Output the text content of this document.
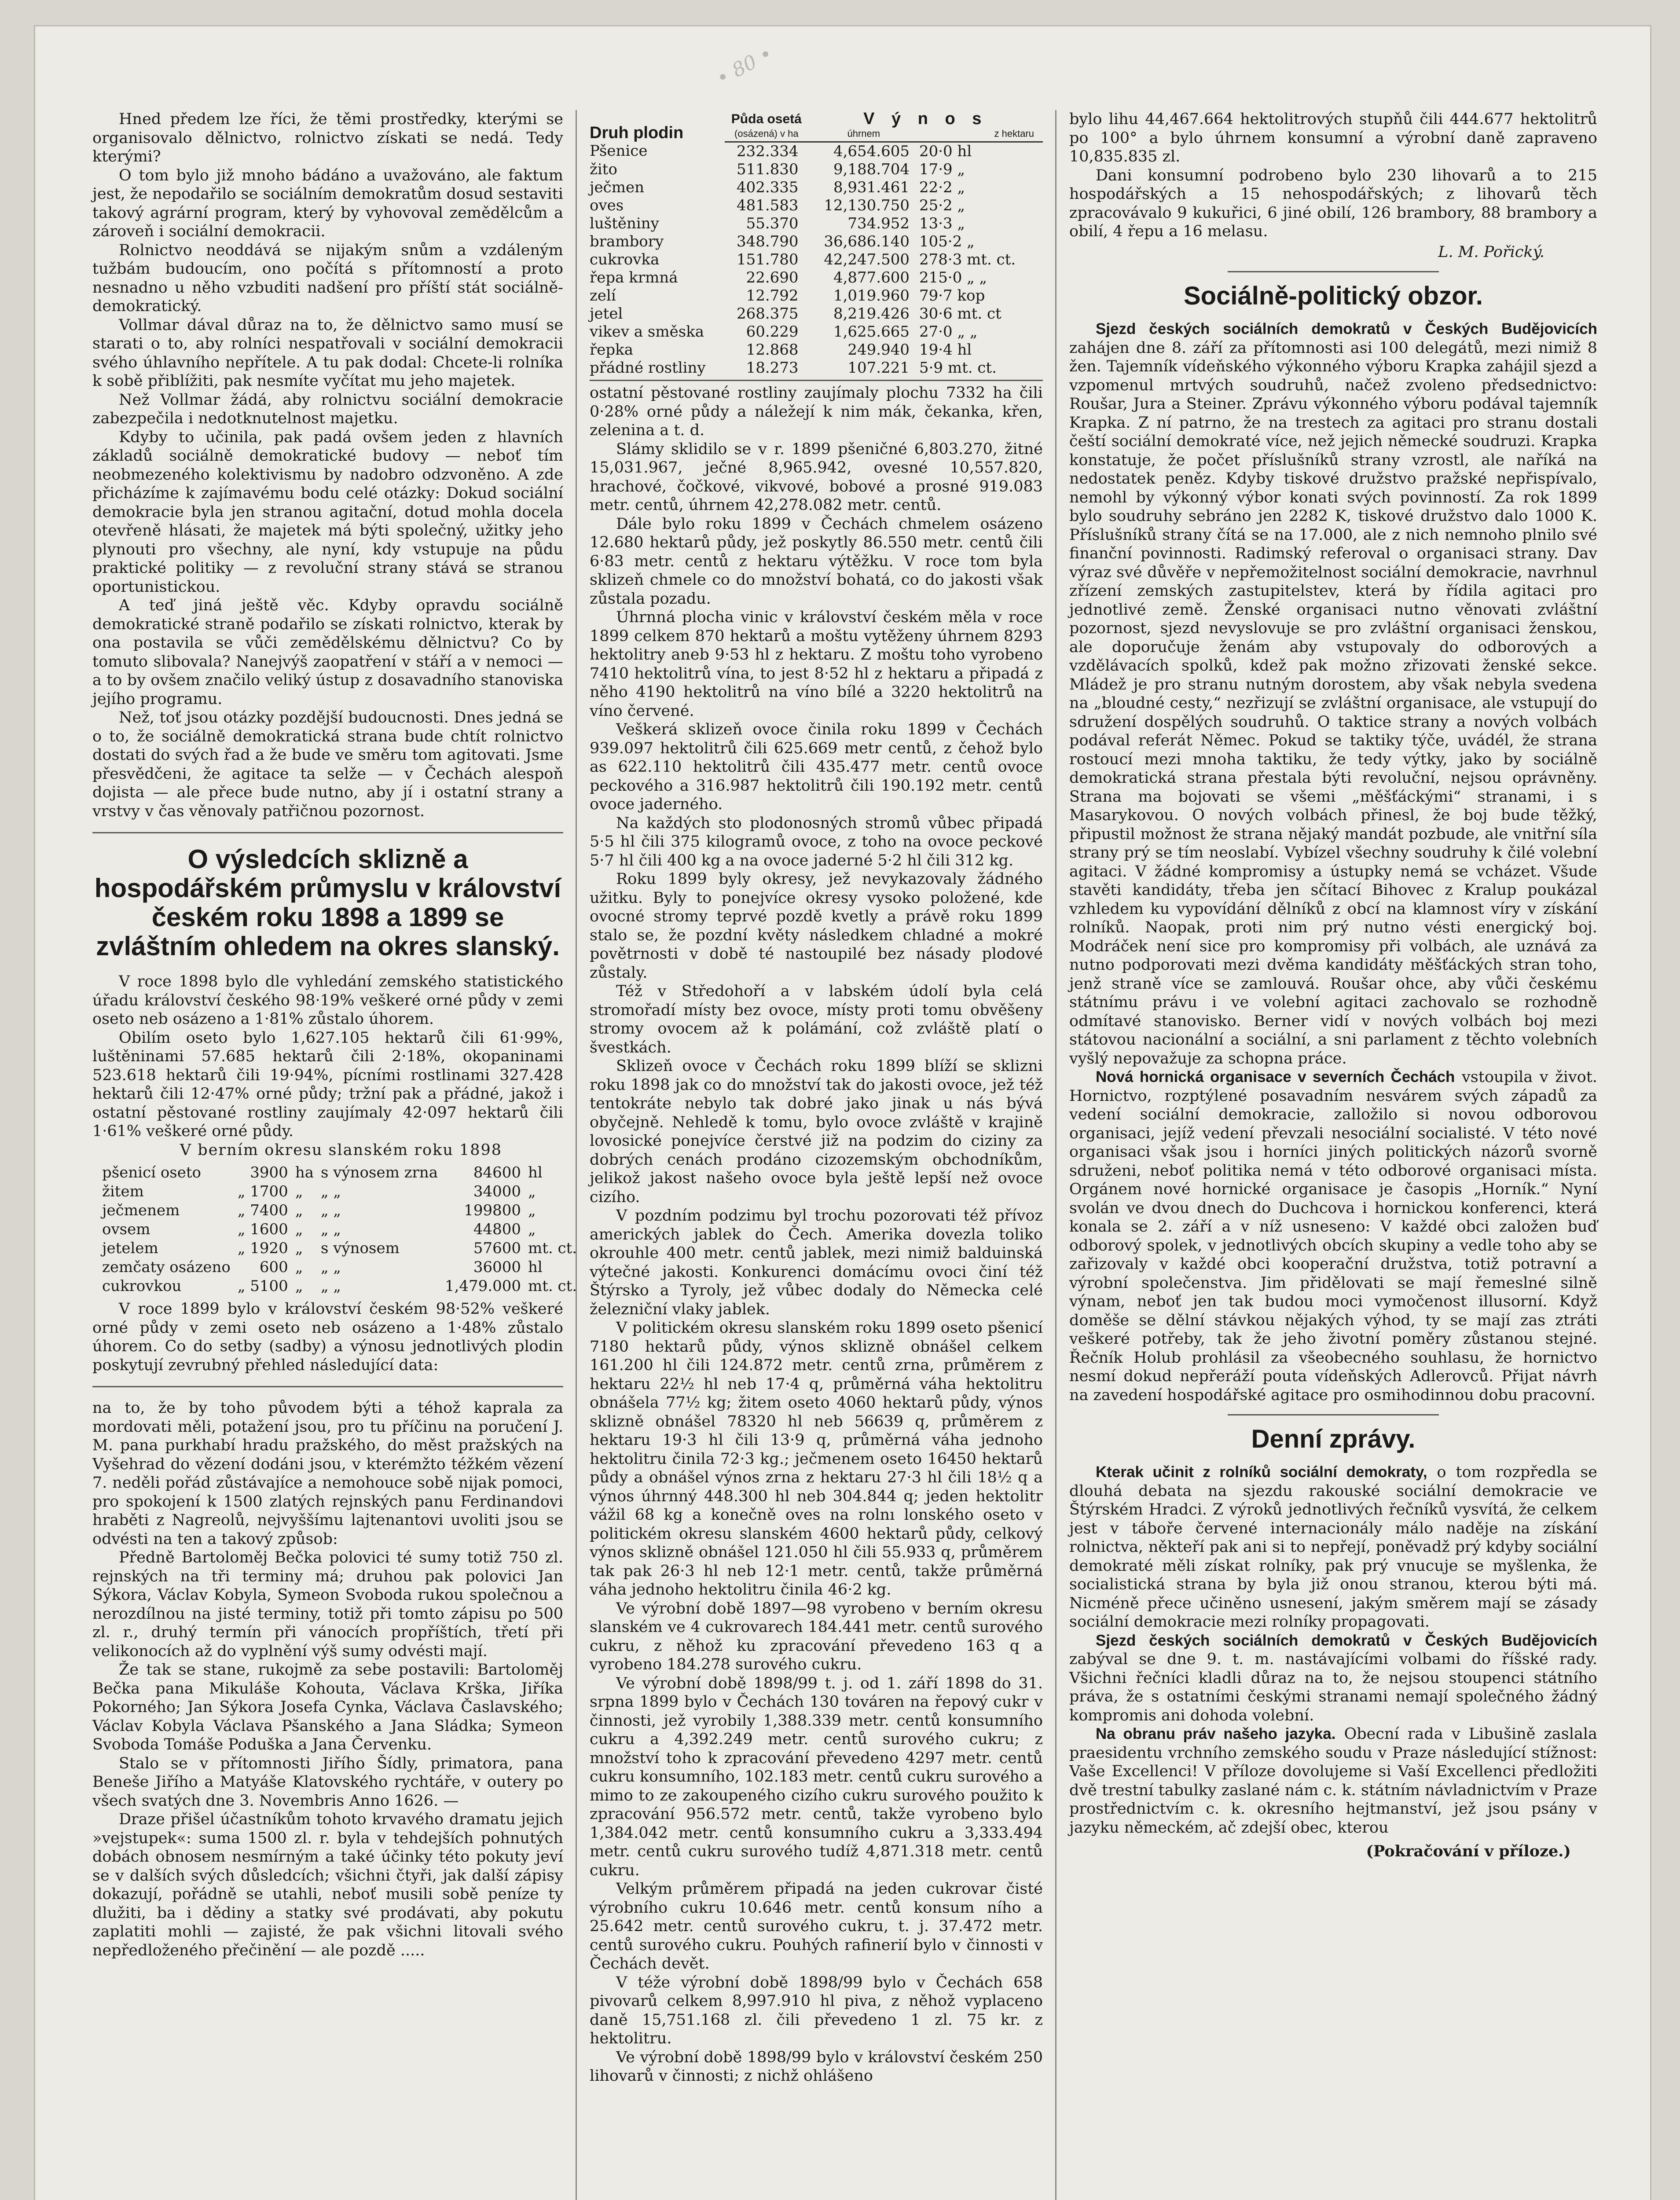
• 80 •

Hned předem lze říci, že těmi prostředky, kterými se organisovalo dělnictvo, rolnictvo získati se nedá. Tedy kterými?

O tom bylo již mnoho bádáno a uvažováno, ale faktum jest, že nepodařilo se sociálním demokratům dosud sestaviti takový agrární program, který by vyhovoval zemědělcům a zároveň i sociální demokracii.

Rolnictvo neoddává se nijakým snům a vzdáleným tužbám budoucím, ono počítá s přítomností a proto nesnadno u něho vzbuditi nadšení pro příští stát sociálně-demokratický.

Vollmar dával důraz na to, že dělnictvo samo musí se starati o to, aby rolníci nespatřovali v sociální demokracii svého úhlavního nepřítele. A tu pak dodal: Chcete-li rolníka k sobě přiblížiti, pak nesmíte vyčítat mu jeho majetek.

Než Vollmar žádá, aby rolnictvu sociální demokracie zabezpečila i nedotknutelnost majetku.

Kdyby to učinila, pak padá ovšem jeden z hlavních základů sociálně demokratické budovy — neboť tím neobmezeného kolektivismu by nadobro odzvoněno. A zde přicházíme k zajímavému bodu celé otázky: Dokud sociální demokracie byla jen stranou agitační, dotud mohla docela otevřeně hlásati, že majetek má býti společný, užitky jeho plynouti pro všechny, ale nyní, kdy vstupuje na půdu praktické politiky — z revoluční strany stává se stranou oportunistickou.

A teď jiná ještě věc. Kdyby opravdu sociálně demokratické straně podařilo se získati rolnictvo, kterak by ona postavila se vůči zemědělskému dělnictvu? Co by tomuto slibovala? Nanejvýš zaopatření v stáří a v nemoci — a to by ovšem značilo veliký ústup z dosavadního stanoviska jejího programu.

Než, toť jsou otázky pozdější budoucnosti. Dnes jedná se o to, že sociálně demokratická strana bude chtít rolnictvo dostati do svých řad a že bude ve směru tom agitovati. Jsme přesvědčeni, že agitace ta selže — v Čechách alespoň dojista — ale přece bude nutno, aby jí i ostatní strany a vrstvy v čas věnovaly patřičnou pozornost.

O výsledcích sklizně a hospodářském průmyslu v království českém roku 1898 a 1899 se zvláštním ohledem na okres slanský.

V roce 1898 bylo dle vyhledání zemského statistického úřadu království českého 98·19% veškeré orné půdy v zemi oseto neb osázeno a 1·81% zůstalo úhorem.

Obilím oseto bylo 1,627.105 hektarů čili 61·99%, luštěninami 57.685 hektarů čili 2·18%, okopaninami 523.618 hektarů čili 19·94%, pícními rostlinami 327.428 hektarů čili 12·47% orné půdy; tržní pak a přádné, jakož i ostatní pěstované rostliny zaujímaly 42·097 hektarů čili 1·61% veškeré orné půdy.

V berním okresu slanském roku 1898

pšenicí oseto	3900	ha	s výnosem zrna	84600	hl
žitem	„ 1700	„	„ „	34000	„
ječmenem	„ 7400	„	„ „	199800	„
ovsem	„ 1600	„	„ „	44800	„
jetelem	„ 1920	„	s výnosem	57600	mt. ct.
zemčaty osázeno	600	„	„ „	36000	hl
cukrovkou	„ 5100	„	„ „	1,479.000	mt. ct.

V roce 1899 bylo v království českém 98·52% veškeré orné půdy v zemi oseto neb osázeno a 1·48% zůstalo úhorem. Co do setby (sadby) a výnosu jednotlivých plodin poskytují zevrubný přehled následující data:

na to, že by toho původem býti a téhož kaprala za mordovati měli, potažení jsou, pro tu příčinu na poručení J. M. pana purkhabí hradu pražského, do měst pražských na Vyšehrad do vězení dodáni jsou, v kterémžto téžkém vězení 7. neděli pořád zůstávajíce a nemohouce sobě nijak pomoci, pro spokojení k 1500 zlatých rejnských panu Ferdinandovi hraběti z Nagreolů, nejvyššímu lajtenantovi uvoliti jsou se odvésti na ten a takový způsob:

Předně Bartoloměj Bečka polovici té sumy totiž 750 zl. rejnských na tři terminy má; druhou pak polovici Jan Sýkora, Václav Kobyla, Symeon Svoboda rukou společnou a nerozdílnou na jisté terminy, totiž při tomto zápisu po 500 zl. r., druhý termín při vánocích propříštích, třetí při velikonocích až do vyplnění výš sumy odvésti mají.

Že tak se stane, rukojmě za sebe postavili: Bartoloměj Bečka pana Mikuláše Kohouta, Václava Krška, Jiříka Pokorného; Jan Sýkora Josefa Cynka, Václava Časlavského; Václav Kobyla Václava Pšanského a Jana Sládka; Symeon Svoboda Tomáše Poduška a Jana Červenku.

Stalo se v přítomnosti Jiřího Šídly, primatora, pana Beneše Jiřího a Matyáše Klatovského rychtáře, v outery po všech svatých dne 3. Novembris Anno 1626. —

Draze přišel účastníkům tohoto krvavého dramatu jejich »vejstupek«: suma 1500 zl. r. byla v tehdejších pohnutých dobách obnosem nesmírným a také účinky této pokuty jeví se v dalších svých důsledcích; všichni čtyři, jak další zápisy dokazují, pořádně se utahli, neboť musili sobě peníze ty dlužiti, ba i dědiny a statky své prodávati, aby pokutu zaplatiti mohli — zajisté, že pak všichni litovali svého nepředloženého přečinění — ale pozdě .....

Druh plodin	Půda osetá	V ý n o s	
	(osázená) v ha	úhrnem	z hektaru
Pšenice	232.334	4,654.605	20·0 hl
žito	511.830	9,188.704	17·9 „
ječmen	402.335	8,931.461	22·2 „
oves	481.583	12,130.750	25·2 „
luštěniny	55.370	734.952	13·3 „
brambory	348.790	36,686.140	105·2 „
cukrovka	151.780	42,247.500	278·3 mt. ct.
řepa krmná	22.690	4,877.600	215·0 „ „
zelí	12.792	1,019.960	79·7 kop
jetel	268.375	8,219.426	30·6 mt. ct
vikev a směska	60.229	1,625.665	27·0 „ „
řepka	12.868	249.940	19·4 hl
přádné rostliny	18.273	107.221	5·9 mt. ct.

ostatní pěstované rostliny zaujímaly plochu 7332 ha čili 0·28% orné půdy a náležejí k nim mák, čekanka, křen, zelenina a t. d.

Slámy sklidilo se v r. 1899 pšeničné 6,803.270, žitné 15,031.967, ječné 8,965.942, ovesné 10,557.820, hrachové, čočkové, vikvové, bobové a prosné 919.083 metr. centů, úhrnem 42,278.082 metr. centů.

Dále bylo roku 1899 v Čechách chmelem osázeno 12.680 hektarů půdy, jež poskytly 86.550 metr. centů čili 6·83 metr. centů z hektaru výtěžku. V roce tom byla sklizeň chmele co do množství bohatá, co do jakosti však zůstala pozadu.

Úhrnná plocha vinic v království českém měla v roce 1899 celkem 870 hektarů a moštu vytěženy úhrnem 8293 hektolitry aneb 9·53 hl z hektaru. Z moštu toho vyrobeno 7410 hektolitrů vína, to jest 8·52 hl z hektaru a připadá z něho 4190 hektolitrů na víno bílé a 3220 hektolitrů na víno červené.

Veškerá sklizeň ovoce činila roku 1899 v Čechách 939.097 hektolitrů čili 625.669 metr centů, z čehož bylo as 622.110 hektolitrů čili 435.477 metr. centů ovoce peckového a 316.987 hektolitrů čili 190.192 metr. centů ovoce jaderného.

Na každých sto plodonosných stromů vůbec připadá 5·5 hl čili 375 kilogramů ovoce, z toho na ovoce peckové 5·7 hl čili 400 kg a na ovoce jaderné 5·2 hl čili 312 kg.

Roku 1899 byly okresy, jež nevykazovaly žádného užitku. Byly to ponejvíce okresy vysoko položené, kde ovocné stromy teprvé pozdě kvetly a právě roku 1899 stalo se, že pozdní květy následkem chladné a mokré povětrnosti v době té nastoupilé bez násady plodové zůstaly.

Též v Středohoří a v labském údolí byla celá stromořadí místy bez ovoce, místy proti tomu obvěšeny stromy ovocem až k polámání, což zvláště platí o švestkách.

Sklizeň ovoce v Čechách roku 1899 blíží se sklizni roku 1898 jak co do množství tak do jakosti ovoce, jež též tentokráte nebylo tak dobré jako jinak u nás bývá obyčejně. Nehledě k tomu, bylo ovoce zvláště v krajině lovosické ponejvíce čerstvé již na podzim do ciziny za dobrých cenách prodáno cizozemským obchodníkům, jelikož jakost našeho ovoce byla ještě lepší než ovoce cizího.

V pozdním podzimu byl trochu pozorovati též přívoz amerických jablek do Čech. Amerika dovezla toliko okrouhle 400 metr. centů jablek, mezi nimiž balduinská výtečné jakosti. Konkurenci domácímu ovoci činí též Štýrsko a Tyroly, jež vůbec dodaly do Německa celé železniční vlaky jablek.

V politickém okresu slanském roku 1899 oseto pšenicí 7180 hektarů půdy, výnos sklizně obnášel celkem 161.200 hl čili 124.872 metr. centů zrna, průměrem z hektaru 22½ hl neb 17·4 q, průměrná váha hektolitru obnášela 77½ kg; žitem oseto 4060 hektarů půdy, výnos sklizně obnášel 78320 hl neb 56639 q, průměrem z hektaru 19·3 hl čili 13·9 q, průměrná váha jednoho hektolitru činila 72·3 kg.; ječmenem oseto 16450 hektarů půdy a obnášel výnos zrna z hektaru 27·3 hl čili 18½ q a výnos úhrnný 448.300 hl neb 304.844 q; jeden hektolitr vážil 68 kg a konečně oves na rolnı lonského oseto v politickém okresu slanském 4600 hektarů půdy, celkový výnos sklizně obnášel 121.050 hl čili 55.933 q, průměrem tak pak 26·3 hl neb 12·1 metr. centů, takže průměrná váha jednoho hektolitru činila 46·2 kg.

Ve výrobní době 1897—98 vyrobeno v berním okresu slanském ve 4 cukrovarech 184.441 metr. centů surového cukru, z něhož ku zpracování převedeno 163 q a vyrobeno 184.278 surového cukru.

Ve výrobní době 1898/99 t. j. od 1. září 1898 do 31. srpna 1899 bylo v Čechách 130 továren na řepový cukr v činnosti, jež vyrobily 1,388.339 metr. centů konsumního cukru a 4,392.249 metr. centů surového cukru; z množství toho k zpracování převedeno 4297 metr. centů cukru konsumního, 102.183 metr. centů cukru surového a mimo to ze zakoupeného cizího cukru surového použito k zpracování 956.572 metr. centů, takže vyrobeno bylo 1,384.042 metr. centů konsumního cukru a 3,333.494 metr. centů cukru surového tudíž 4,871.318 metr. centů cukru.

Velkým průměrem připadá na jeden cukrovar čisté výrobního cukru 10.646 metr. centů konsum ního a 25.642 metr. centů surového cukru, t. j. 37.472 metr. centů surového cukru. Pouhých rafinerií bylo v činnosti v Čechách devět.

V téže výrobní době 1898/99 bylo v Čechách 658 pivovarů celkem 8,997.910 hl piva, z něhož vyplaceno daně 15,751.168 zl. čili převedeno 1 zl. 75 kr. z hektolitru.

Ve výrobní době 1898/99 bylo v království českém 250 lihovarů v činnosti; z nichž ohlášeno

bylo lihu 44,467.664 hektolitrových stupňů čili 444.677 hektolitrů po 100° a bylo úhrnem konsumní a výrobní daně zapraveno 10,835.835 zl.

Dani konsumní podrobeno bylo 230 lihovarů a to 215 hospodářských a 15 nehospodářských; z lihovarů těch zpracovávalo 9 kukuřici, 6 jiné obilí, 126 brambory, 88 brambory a obilí, 4 řepu a 16 melasu.

L. M. Pořický.
Sociálně-politický obzor.

Sjezd českých sociálních demokratů v Českých Budějovicích zahájen dne 8. září za přítomnosti asi 100 delegátů, mezi nimiž 8 žen. Tajemník vídeňského výkonného výboru Krapka zahájil sjezd a vzpomenul mrtvých soudruhů, načež zvoleno předsednictvo: Roušar, Jura a Steiner. Zprávu výkonného výboru podával tajemník Krapka. Z ní patrno, že na trestech za agitaci pro stranu dostali čeští sociální demokraté více, než jejich německé soudruzi. Krapka konstatuje, že počet příslušníků strany vzrostl, ale naříká na nedostatek peněz. Kdyby tiskové družstvo pražské nepřispívalo, nemohl by výkonný výbor konati svých povinností. Za rok 1899 bylo soudruhy sebráno jen 2282 K, tiskové družstvo dalo 1000 K. Příslušníků strany čítá se na 17.000, ale z nich nemnoho plnilo své finanční povinnosti. Radimský referoval o organisaci strany. Dav výraz své důvěře v nepřemožitelnost sociální demokracie, navrhnul zřízení zemských zastupitelstev, která by řídila agitaci pro jednotlivé země. Ženské organisaci nutno věnovati zvláštní pozornost, sjezd nevyslovuje se pro zvláštní organisaci ženskou, ale doporučuje ženám aby vstupovaly do odborových a vzdělávacích spolků, kdež pak možno zřizovati ženské sekce. Mládež je pro stranu nutným dorostem, aby však nebyla svedena na „bloudné cesty,“ nezřizují se zvláštní organisace, ale vstupují do sdružení dospělých soudruhů. O taktice strany a nových volbách podával referát Němec. Pokud se taktiky týče, uvádél, že strana rostoucí mezi mnoha taktiku, že tedy výtky, jako by sociálně demokratická strana přestala býti revoluční, nejsou oprávněny. Strana ma bojovati se všemi „měšťáckými“ stranami, i s Masarykovou. O nových volbách přinesl, že boj bude těžký, připustil možnost že strana nějaký mandát pozbude, ale vnitřní síla strany prý se tím neoslabí. Vybízel všechny soudruhy k čilé volební agitaci. V žádné kompromisy a ústupky nemá se vcházet. Všude stavěti kandidáty, třeba jen sčítací Bihovec z Kralup poukázal vzhledem ku vypovídání dělníků z obcí na klamnost víry v získání rolníků. Naopak, proti nim prý nutno vésti energický boj. Modráček není sice pro kompromisy při volbách, ale uznává za nutno podporovati mezi dvěma kandidáty měšťáckých stran toho, jenž straně více se zamlouvá. Roušar ohce, aby vůči českému státnímu právu i ve volební agitaci zachovalo se rozhodně odmítavé stanovisko. Berner vidí v nových volbách boj mezi státovou nacionální a sociální, a sni parlament z těchto volebních vyšlý nepovažuje za schopna práce.

Nová hornická organisace v severních Čechách vstoupila v život. Hornictvo, rozptýlené posavadním nesvárem svých západů za vedení sociální demokracie, zalložilo si novou odborovou organisaci, jejíž vedení převzali nesociální socialisté. V této nové organisaci však jsou i horníci jiných politických názorů svorně sdruženi, neboť politika nemá v této odborové organisaci místa. Orgánem nové hornické organisace je časopis „Horník.“ Nyní svolán ve dvou dnech do Duchcova i hornickou konferenci, která konala se 2. září a v níž usneseno: V každé obci založen buď odborový spolek, v jednotlivých obcích skupiny a vedle toho aby se zařizovaly v každé obci kooperační družstva, totiž potravní a výrobní společenstva. Jim přidělovati se mají řemeslné silně výnam, neboť jen tak budou moci vymočenost illusorní. Když doměše se dělní stávkou nějakých výhod, ty se mají zas ztráti veškeré potřeby, tak že jeho životní poměry zůstanou stejné. Řečník Holub prohlásil za všeobecného souhlasu, že hornictvo nesmí dokud nepřeráží pouta vídeňských Adlerovců. Přijat návrh na zavedení hospodářské agitace pro osmihodinnou dobu pracovní.

Denní zprávy.

Kterak učinit z rolníků sociální demokraty, o tom rozpředla se dlouhá debata na sjezdu rakouské sociální demokracie ve Štýrském Hradci. Z výroků jednotlivých řečníků vysvítá, že celkem jest v táboře červené internacionály málo naděje na získání rolnictva, někteří pak ani si to nepřejí, poněvadž prý kdyby sociální demokraté měli získat rolníky, pak prý vnucuje se myšlenka, že socialistická strana by byla již onou stranou, kterou býti má. Nicméně přece učiněno usnesení, jakým směrem mají se zásady sociální demokracie mezi rolníky propagovati.

Sjezd českých sociálních demokratů v Českých Budějovicích zabýval se dne 9. t. m. nastávajícími volbami do říšské rady. Všichni řečníci kladli důraz na to, že nejsou stoupenci státního práva, že s ostatními českými stranami nemají společného žádný kompromis ani dohoda volební.

Na obranu práv našeho jazyka. Obecní rada v Libušině zaslala praesidentu vrchního zemského soudu v Praze následující stížnost: Vaše Excellenci! V příloze dovolujeme si Vaší Excellenci předložiti dvě trestní tabulky zaslané nám c. k. státním návladnictvím v Praze prostřednictvím c. k. okresního hejtmanství, jež jsou psány v jazyku německém, ač zdejší obec, kterou

(Pokračování v příloze.)
